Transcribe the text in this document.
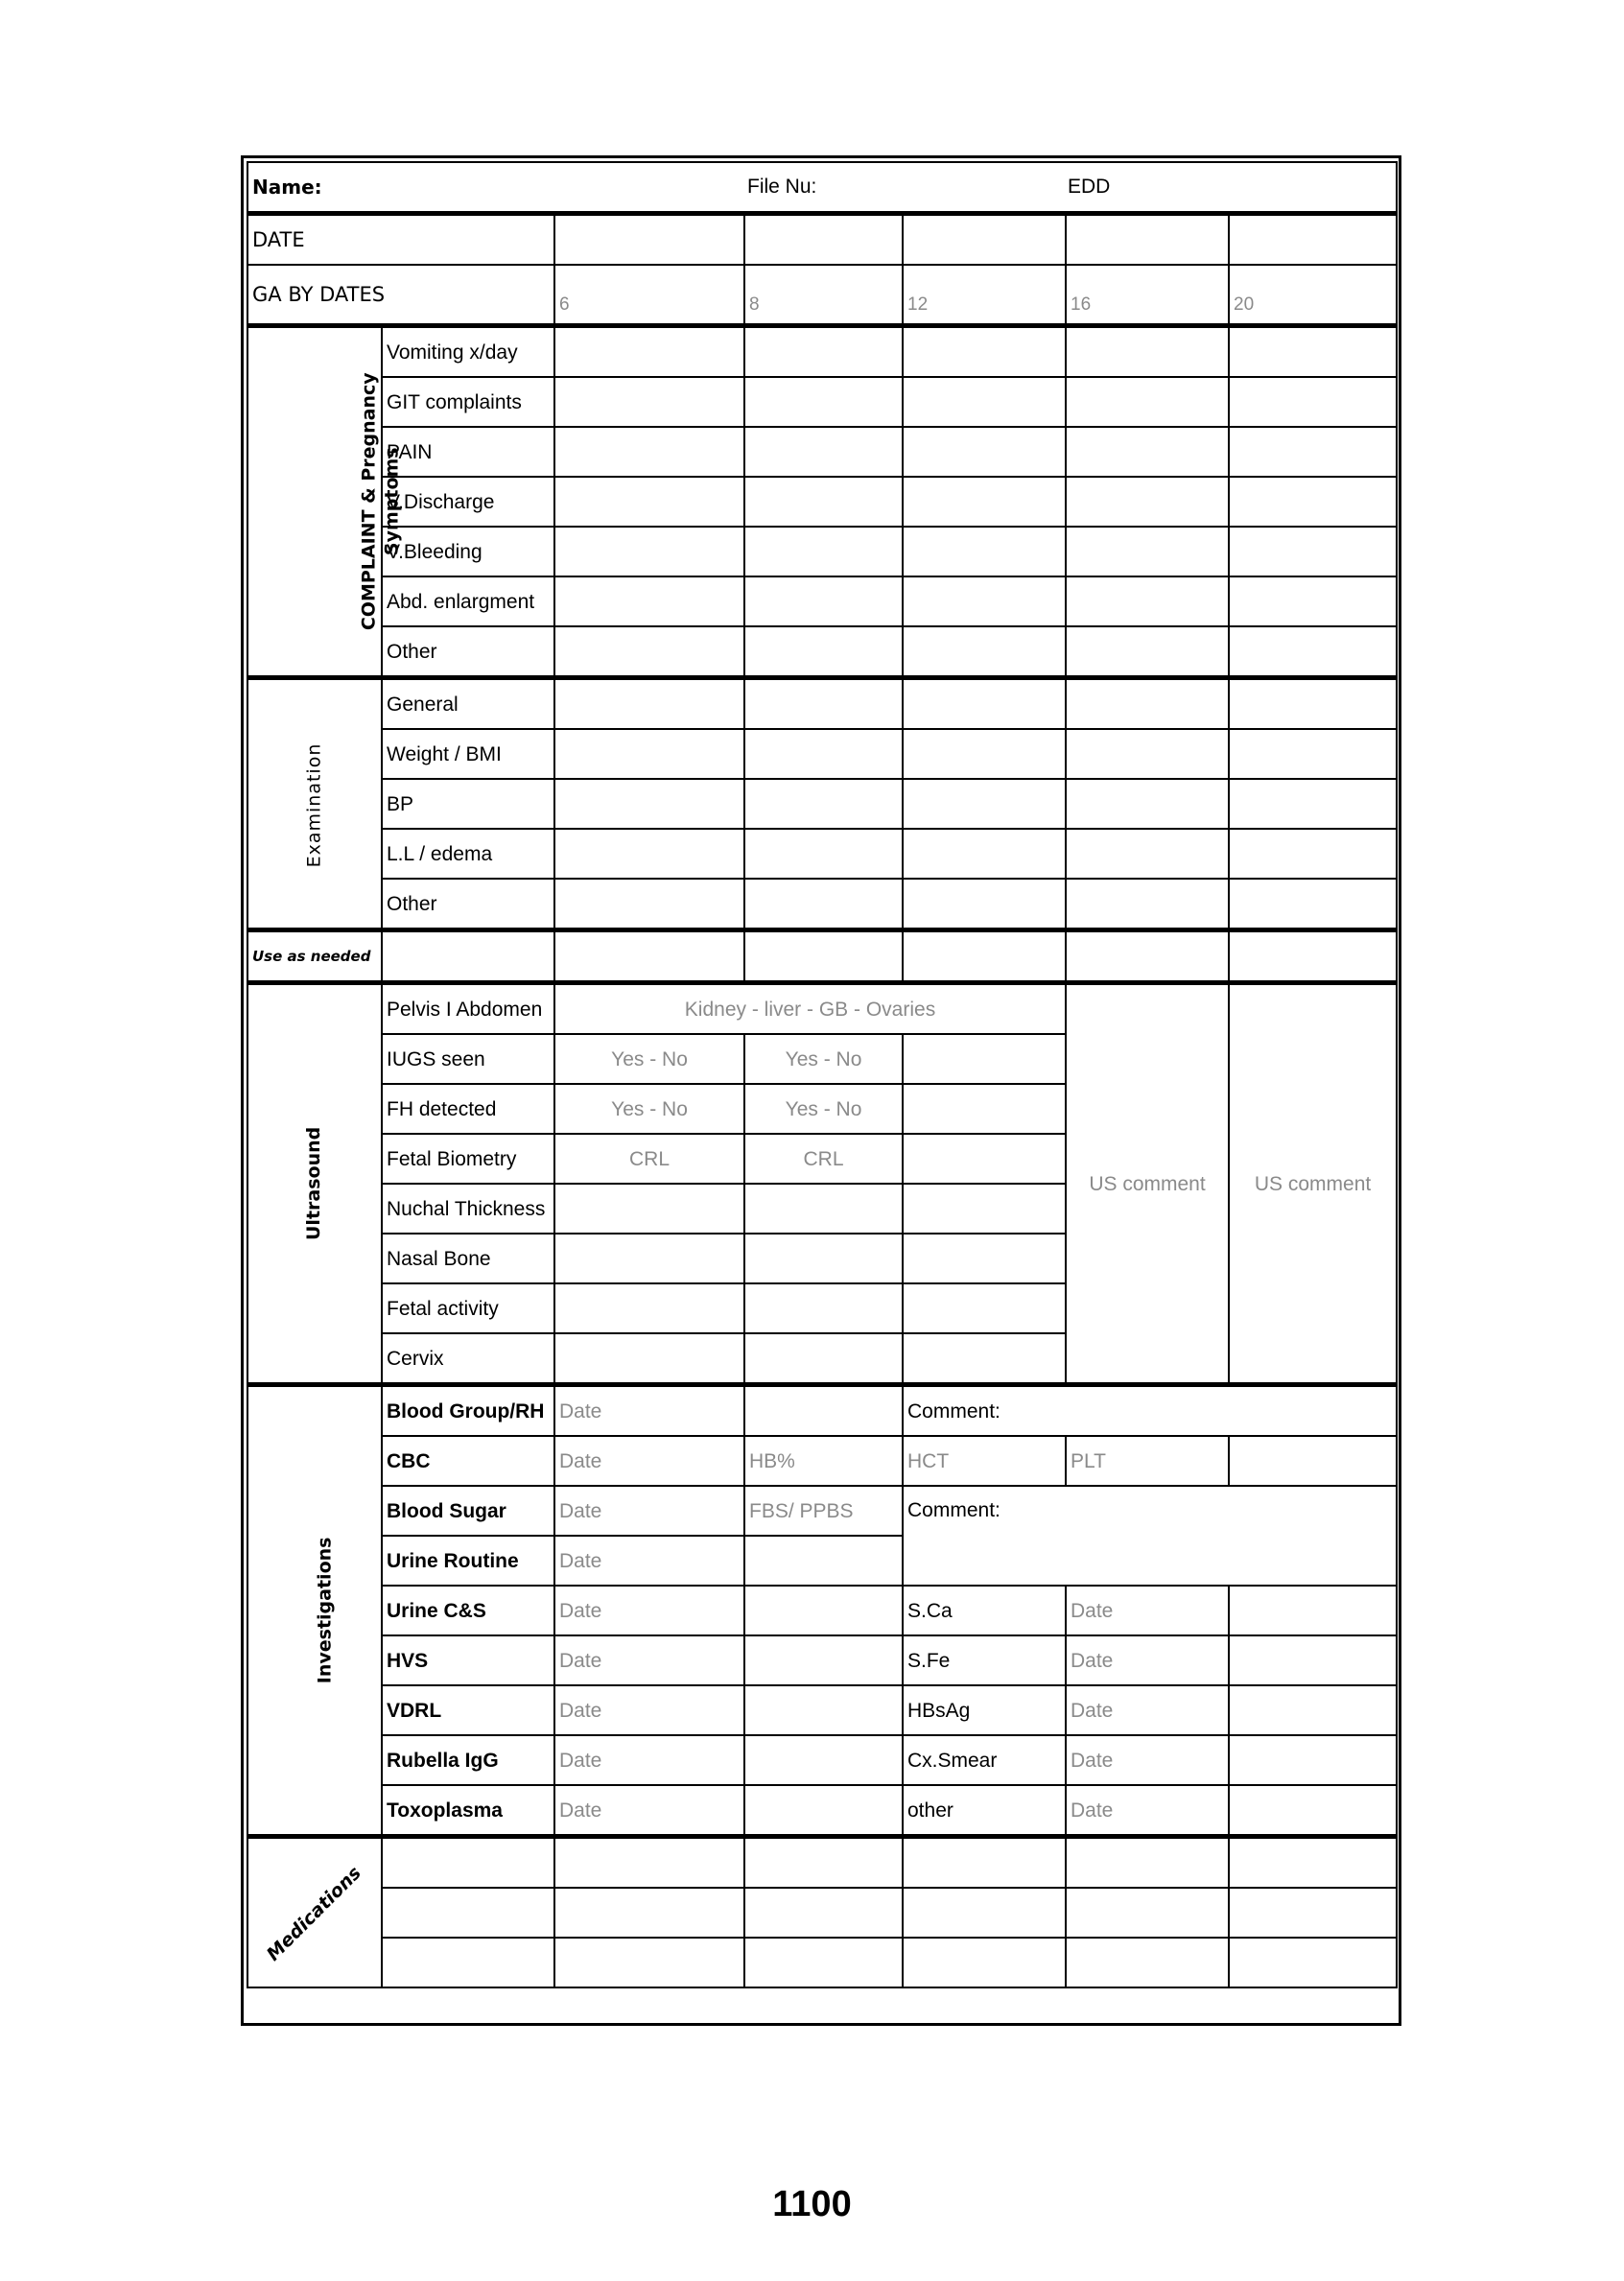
Name: File Nu: EDD						

DATE						
GA BY DATES		6	8	12	16	20
COMPLAINT & Pregnancy
Symptoms	Vomiting x/day					
	GIT complaints					
	PAIN					
	V.Discharge					
	V.Bleeding					
	Abd. enlargment					
	Other					
Examination	General					
	Weight / BMI					
	BP					
	L.L / edema					
	Other					
Use as needed						
Ultrasound	Pelvis I Abdomen	Kidney - liver - GB - Ovaries			US comment	US comment
	IUGS seen	Yes - No	Yes - No			
	FH detected	Yes - No	Yes - No			
	Fetal Biometry	CRL	CRL			
	Nuchal Thickness					
	Nasal Bone					
	Fetal activity					
	Cervix					
Investigations	Blood Group/RH	Date		Comment:		
	CBC	Date	HB%	HCT	PLT	
	Blood Sugar	Date	FBS/ PPBS	Comment:		
	Urine Routine	Date				
	Urine C&S	Date		S.Ca	Date	
	HVS	Date		S.Fe	Date	
	VDRL	Date		HBsAg	Date	
	Rubella IgG	Date		Cx.Smear	Date	
	Toxoplasma	Date		other	Date	
Medications						

1100
